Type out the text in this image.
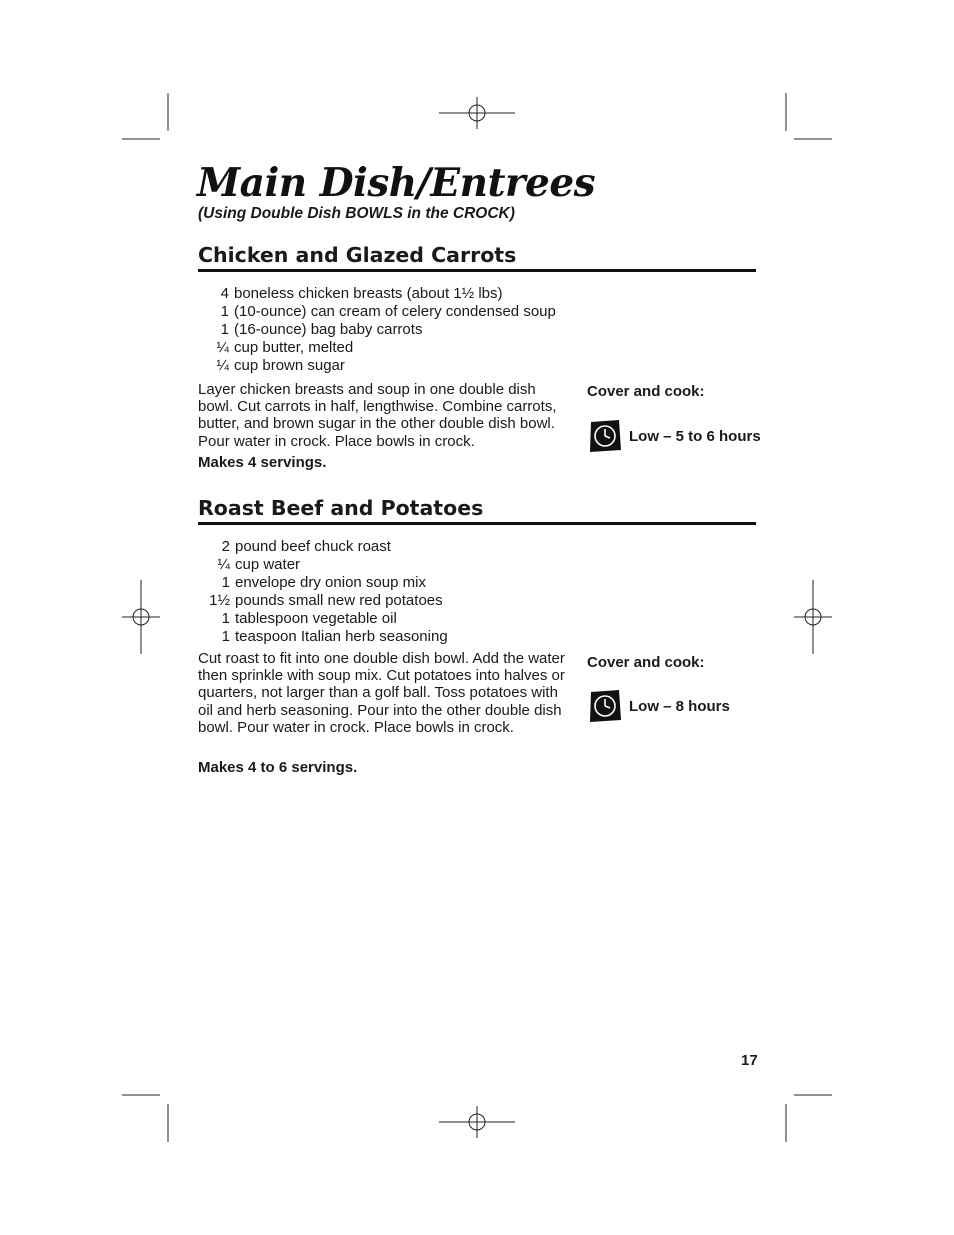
Main Dish/Entrees
(Using Double Dish BOWLS in the CROCK)
Chicken and Glazed Carrots
4 boneless chicken breasts (about 1½ lbs)
1 (10-ounce) can cream of celery condensed soup
1 (16-ounce) bag baby carrots
¼ cup butter, melted
¼ cup brown sugar

Layer chicken breasts and soup in one double dish bowl. Cut carrots in half, lengthwise. Combine carrots, butter, and brown sugar in the other double dish bowl. Pour water in crock. Place bowls in crock.

Makes 4 servings.

Cover and cook:

Low – 5 to 6 hours
Roast Beef and Potatoes
2 pound beef chuck roast
¼ cup water
1 envelope dry onion soup mix
1½ pounds small new red potatoes
1 tablespoon vegetable oil
1 teaspoon Italian herb seasoning

Cut roast to fit into one double dish bowl. Add the water then sprinkle with soup mix. Cut potatoes into halves or quarters, not larger than a golf ball. Toss potatoes with oil and herb seasoning. Pour into the other double dish bowl. Pour water in crock. Place bowls in crock.

Makes 4 to 6 servings.

Cover and cook:

Low – 8 hours
17
